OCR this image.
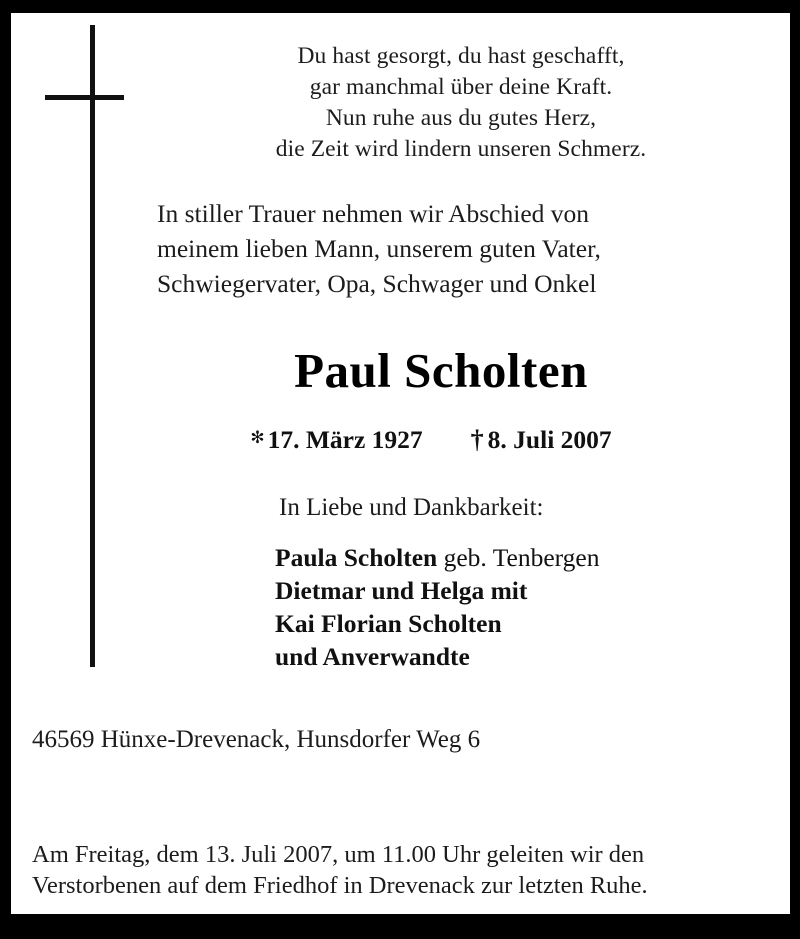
Du hast gesorgt, du hast geschafft,
gar manchmal über deine Kraft.
Nun ruhe aus du gutes Herz,
die Zeit wird lindern unseren Schmerz.
In stiller Trauer nehmen wir Abschied von
meinem lieben Mann, unserem guten Vater,
Schwiegervater, Opa, Schwager und Onkel
Paul Scholten
✻ 17. März 1927 † 8. Juli 2007
In Liebe und Dankbarkeit:
Paula Scholten geb. Tenbergen
Dietmar und Helga mit
Kai Florian Scholten
und Anverwandte
46569 Hünxe-Drevenack, Hunsdorfer Weg 6
Am Freitag, dem 13. Juli 2007, um 11.00 Uhr geleiten wir den
Verstorbenen auf dem Friedhof in Drevenack zur letzten Ruhe.
